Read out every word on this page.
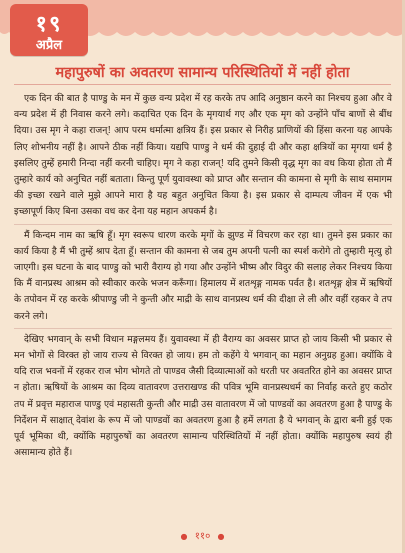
१९
अप्रैल
महापुरुषों का अवतरण सामान्य परिस्थितियों में नहीं होता

एक दिन की बात है पाण्डु के मन में कुछ वन्य प्रदेश में रह करके तप आदि अनुष्ठान करने का निश्चय हुआ और वे वन्य प्रदेश में ही निवास करने लगे। कदाचित एक दिन के मृगयार्थ गए और एक मृग को उन्होंने पाँच बाणों से बींध दिया। उस मृग ने कहा राजन्! आप परम धर्मात्मा क्षत्रिय हैं। इस प्रकार से निरीह प्राणियों की हिंसा करना यह आपके लिए शोभनीय नहीं है। आपने ठीक नहीं किया। यद्यपि पाण्डु ने धर्म की दुहाई दी और कहा क्षत्रियों का मृगया धर्म है इसलिए तुम्हें हमारी निन्दा नहीं करनी चाहिए। मृग ने कहा राजन्! यदि तुमने किसी वृद्ध मृग का वध किया होता तो मैं तुम्हारे कार्य को अनुचित नहीं बताता। किन्तु पूर्ण युवावस्था को प्राप्त और सन्तान की कामना से मृगी के साथ समागम की इच्छा रखने वाले मुझे आपने मारा है यह बहुत अनुचित किया है। इस प्रकार से दाम्पत्य जीवन में एक भी इच्छापूर्ण किए बिना उसका वध कर देना यह महान अपकर्म है।

मैं किन्दम नाम का ऋषि हूँ। मृग स्वरूप धारण करके मृगों के झुण्ड में विचरण कर रहा था। तुमने इस प्रकार का कार्य किया है मैं भी तुम्हें श्राप देता हूँ। सन्तान की कामना से जब तुम अपनी पत्नी का स्पर्श करोगे तो तुम्हारी मृत्यु हो जाएगी। इस घटना के बाद पाण्डु को भारी वैराग्य हो गया और उन्होंने भीष्म और विदुर की सलाह लेकर निश्चय किया कि मैं वानप्रस्थ आश्रम को स्वीकार करके भजन करूँगा। हिमालय में शतशृङ्ग नामक पर्वत है। शतशृङ्ग क्षेत्र में ऋषियों के तपोवन में रह करके श्रीपाण्डु जी ने कुन्ती और माद्री के साथ वानप्रस्थ धर्म की दीक्षा ले ली और वहीं रहकर वे तप करने लगे।

देखिए भगवान् के सभी विधान मङ्गलमय हैं। युवावस्था में ही वैराग्य का अवसर प्राप्त हो जाय किसी भी प्रकार से मन भोगों से विरक्त हो जाय राज्य से विरक्त हो जाय। हम तो कहेंगे ये भगवान् का महान अनुग्रह हुआ। क्योंकि वे यदि राज भवनों में रहकर राज भोग भोगते तो पाण्डव जैसी दिव्यात्माओं को धरती पर अवतरित होने का अवसर प्राप्त न होता। ऋषियों के आश्रम का दिव्य वातावरण उत्तराखण्ड की पवित्र भूमि वानप्रस्थधर्म का निर्वाह करते हुए कठोर तप में प्रवृत्त महाराज पाण्डु एवं महासती कुन्ती और माद्री उस वातावरण में जो पाण्डवों का अवतरण हुआ है पाण्डु के निर्देशन में साक्षात् देवांश के रूप में जो पाण्डवों का अवतरण हुआ है हमें लगता है ये भगवान् के द्वारा बनी हुई एक पूर्व भूमिका थी, क्योंकि महापुरुषों का अवतरण सामान्य परिस्थितियों में नहीं होता। क्योंकि महापुरुष स्वयं ही असामान्य होते हैं।

● ११० ●
